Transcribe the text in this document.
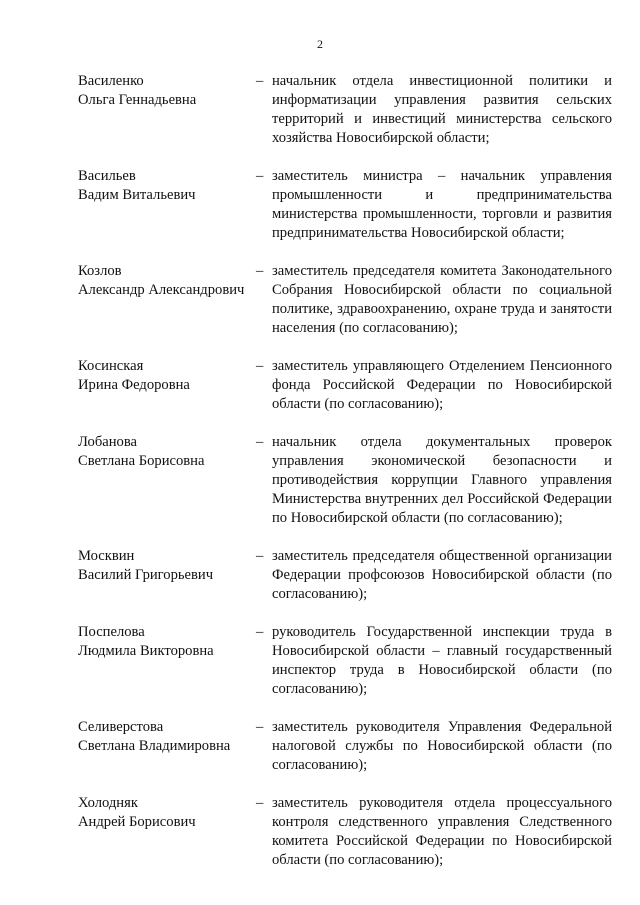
2
Василенко
Ольга Геннадьевна
– начальник отдела инвестиционной политики и информатизации управления развития сельских территорий и инвестиций министерства сельского хозяйства Новосибирской области;
Васильев
Вадим Витальевич
– заместитель министра – начальник управления промышленности и предпринимательства министерства промышленности, торговли и развития предпринимательства Новосибирской области;
Козлов
Александр Александрович
– заместитель председателя комитета Законодательного Собрания Новосибирской области по социальной политике, здравоохранению, охране труда и занятости населения (по согласованию);
Косинская
Ирина Федоровна
– заместитель управляющего Отделением Пенсионного фонда Российской Федерации по Новосибирской области (по согласованию);
Лобанова
Светлана Борисовна
– начальник отдела документальных проверок управления экономической безопасности и противодействия коррупции Главного управления Министерства внутренних дел Российской Федерации по Новосибирской области (по согласованию);
Москвин
Василий Григорьевич
– заместитель председателя общественной организации Федерации профсоюзов Новосибирской области (по согласованию);
Поспелова
Людмила Викторовна
– руководитель Государственной инспекции труда в Новосибирской области – главный государственный инспектор труда в Новосибирской области (по согласованию);
Селиверстова
Светлана Владимировна
– заместитель руководителя Управления Федеральной налоговой службы по Новосибирской области (по согласованию);
Холодняк
Андрей Борисович
– заместитель руководителя отдела процессуального контроля следственного управления Следственного комитета Российской Федерации по Новосибирской области (по согласованию);
